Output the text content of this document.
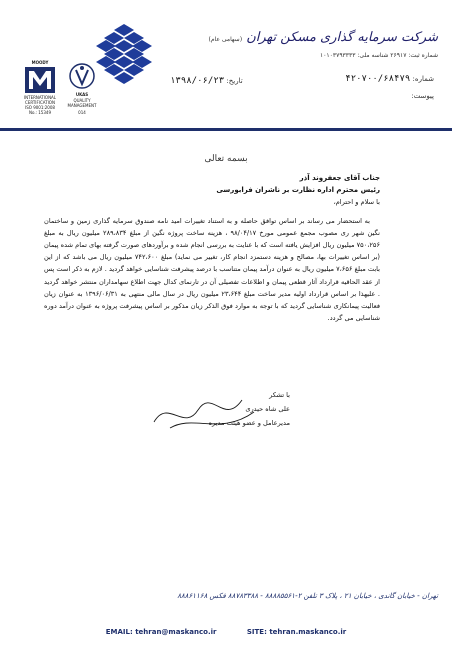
شرکت سرمایه گذاری مسکن تهران (سهامی عام)
شماره ثبت: ۲۶۹۱۷ شناسه ملی: ۱۰۱۰۳۷۹۳۳۳۳
MOODY
INTERNATIONAL
CERTIFICATION
ISO 9001:2008
No.: 15349
UKAS
QUALITY
MANAGEMENT
014
شماره: ۴۲۰۷۰۰/۶۸۴۷۹
پیوست:
تاریخ: ۱۳۹۸/۰۶/۲۳
بسمه تعالی
جناب آقای جعفروند آذر
رئیس محترم اداره نظارت بر ناشران فرابورسی
با سلام و احترام،
به استحضار می رساند بر اساس توافق حاصله و به استناد تغییرات امید نامه صندوق سرمایه گذاری زمین و ساختمان نگین شهر ری مصوب مجمع عمومی مورخ ۹۸/۰۴/۱۷ ، هزینه ساخت پروژه نگین از مبلغ ۲۸۹،۸۳۴ میلیون ریال به مبلغ ۷۵۰،۲۵۶ میلیون ریال افزایش یافته است که با عنایت به بررسی انجام شده و برآوردهای صورت گرفته بهای تمام شده پیمان (بر اساس تغییرات بها، مصالح و هزینه دستمزد انجام کار، تغییر می نماید) مبلغ ۷۴۲،۶۰۰ میلیون ریال می باشد که از این بابت مبلغ ۷،۶۵۶ میلیون ریال به عنوان درآمد پیمان متناسب با درصد پیشرفت شناسایی خواهد گردید . لازم به ذکر است پس از عقد الحاقیه قرارداد آثار قطعی پیمان و اطلاعات تفصیلی آن در تارنمای کدال جهت اطلاع سهامداران منتشر خواهد گردید . علیهذا بر اساس قرارداد اولیه مدیر ساخت مبلغ ۲۳،۶۴۴ میلیون ریال در سال مالی منتهی به ۱۳۹۶/۰۶/۳۱ به عنوان زیان فعالیت پیمانکاری شناسایی گردید که با توجه به موارد فوق الذکر زیان مذکور بر اساس پیشرفت پروژه به عنوان درآمد دوره شناسایی می گردد.
با تشکر
علی شاه حیدری
مدیرعامل و عضو هیئت مدیره
تهران - خیابان گاندی ، خیابان ۲۱ ، پلاک ۳ تلفن ۲-۸۸۸۸۵۵۶۱ - ۸۸۷۸۳۳۸۸ فکس ۸۸۸۶۱۱۶۸
EMAIL: tehran@maskanco.ir	SITE: tehran.maskanco.ir
